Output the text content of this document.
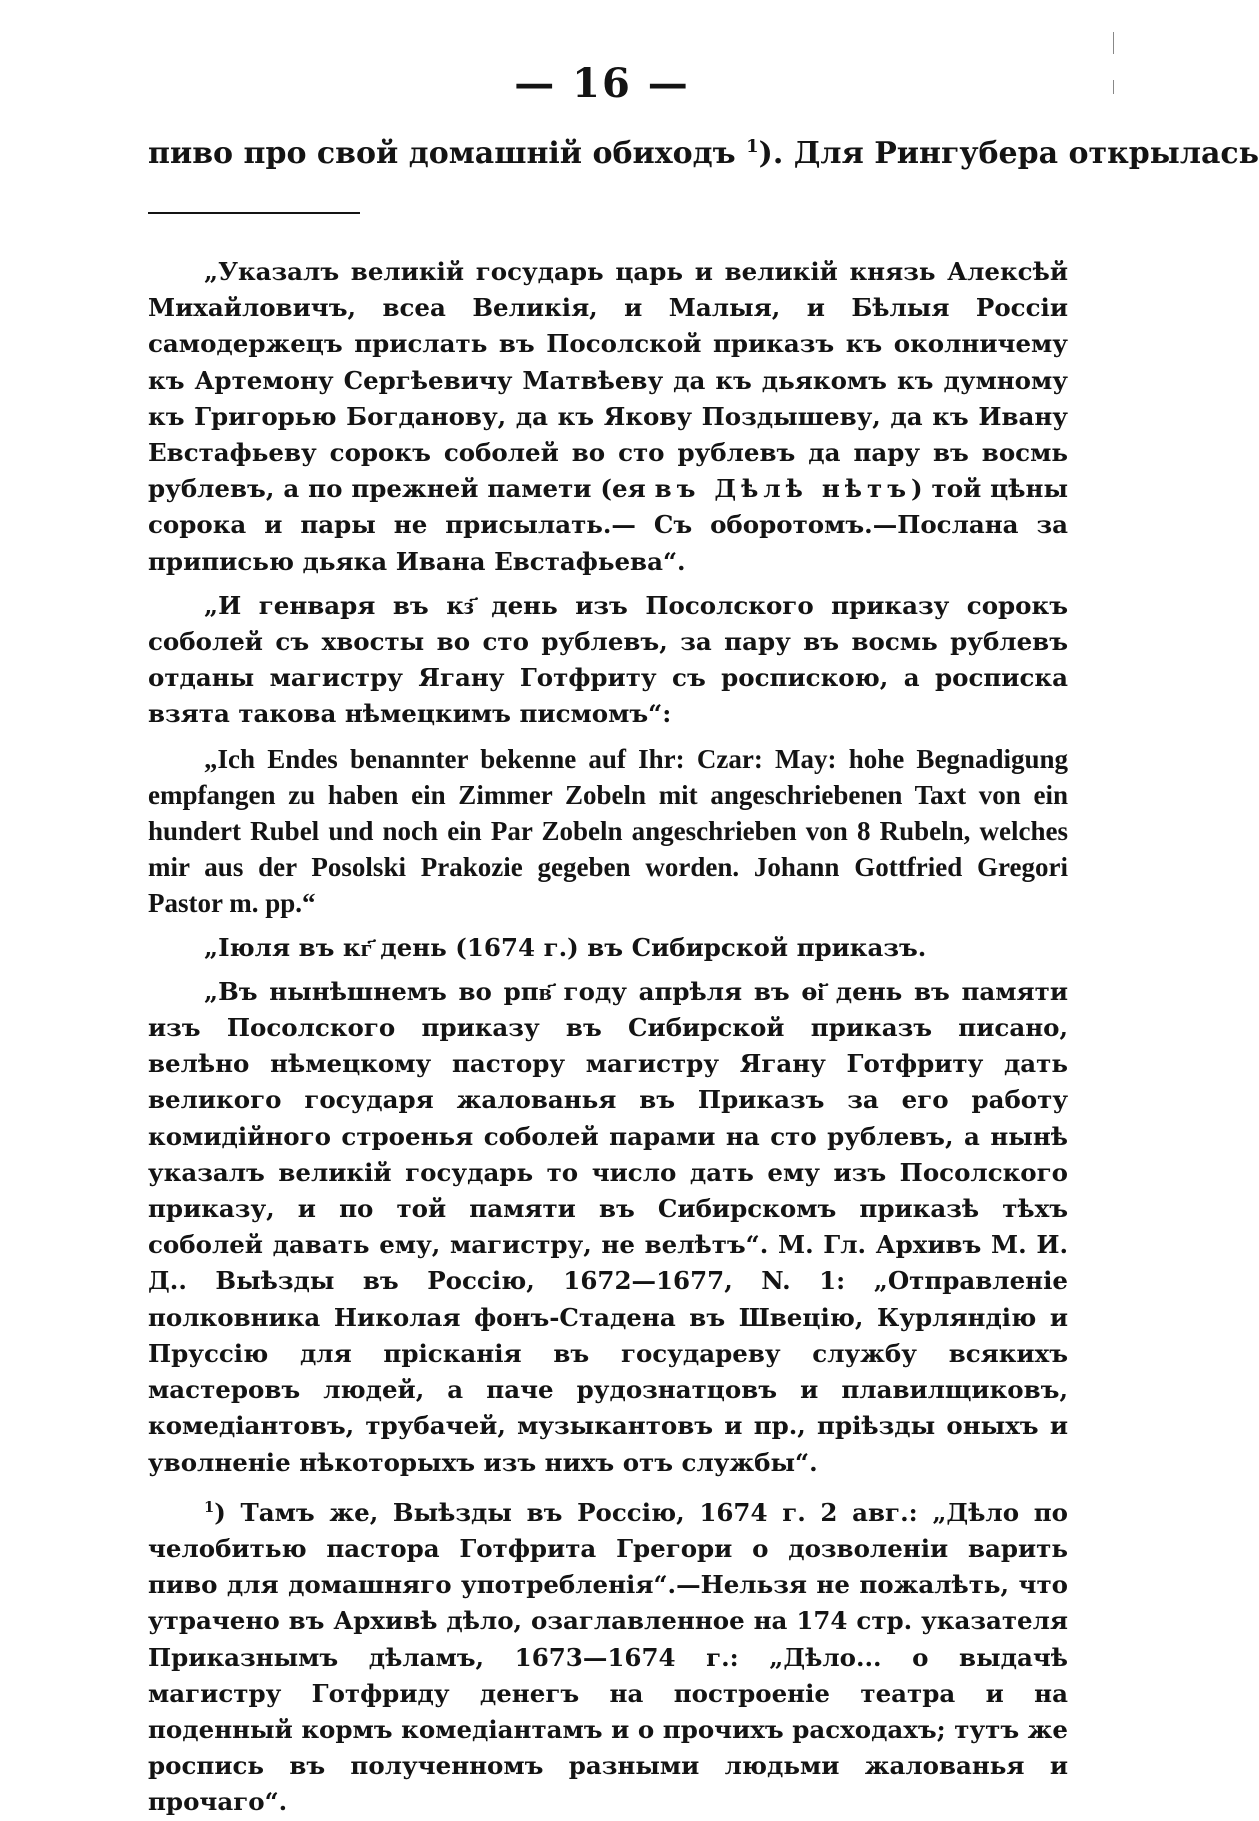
— 16 —
пиво про свой домашній обиходъ $^1$). Для Рингубера открылась

„Указалъ великій государь царь и великій князь Алексѣй Михайловичъ, всеа Великія, и Малыя, и Бѣлыя Россіи самодержецъ прислать въ Посолской приказъ къ околничему къ Артемону Сергѣевичу Матвѣеву да къ дьякомъ къ думному къ Григорью Богданову, да къ Якову Поздышеву, да къ Ивану Евстафьеву сорокъ соболей во сто рублевъ да пару въ восмь рублевъ, а по прежней памети (ея въ Дѣлѣ нѣтъ) той цѣны сорока и пары не присылать.— Съ оборотомъ.—Послана за приписью дьяка Ивана Евстафьева“.

„И генваря въ кз҃ день изъ Посолского приказу сорокъ соболей съ хвосты во сто рублевъ, за пару въ восмь рублевъ отданы магистру Ягану Готфриту съ роспискою, а росписка взята такова нѣмецкимъ писмомъ“:

„Ich Endes benannter bekenne auf Ihr: Czar: May: hohe Begnadigung empfangen zu haben ein Zimmer Zobeln mit angeschriebenen Taxt von ein hundert Rubel und noch ein Par Zobeln angeschrieben von 8 Rubeln, welches mir aus der Posolski Prakozie gegeben worden. Johann Gottfried Gregori Pastor m. pp.“

„Іюля въ кг҃ день (1674 г.) въ Сибирской приказъ.

„Въ нынѣшнемъ во рпв҃ году апрѣля въ ѳі҃ день въ памяти изъ Посолского приказу въ Сибирской приказъ писано, велѣно нѣмецкому пастору магистру Ягану Готфриту дать великого государя жалованья въ Приказъ за его работу комидійного строенья соболей парами на сто рублевъ, а нынѣ указалъ великій государь то число дать ему изъ Посолского приказу, и по той памяти въ Сибирскомъ приказѣ тѣхъ соболей давать ему, магистру, не велѣтъ“. М. Гл. Архивъ М. И. Д.. Выѣзды въ Россію, 1672—1677, N. 1: „Отправленіе полковника Николая фонъ-Стадена въ Швецію, Курляндію и Пруссію для прісканія въ государеву службу всякихъ мастеровъ людей, а паче рудознатцовъ и плавилщиковъ, комедіантовъ, трубачей, музыкантовъ и пр., прiѣзды оныхъ и уволненіе нѣкоторыхъ изъ нихъ отъ службы“.

$^1$) Тамъ же, Выѣзды въ Россію, 1674 г. 2 авг.: „Дѣло по челобитью пастора Готфрита Грегори о дозволеніи варить пиво для домашняго употребленія“.—Нельзя не пожалѣть, что утрачено въ Архивѣ дѣло, озаглавленное на 174 стр. указателя Приказнымъ дѣламъ, 1673—1674 г.: „Дѣло... о выдачѣ магистру Готфриду денегъ на построеніе театра и на поденный кормъ комедіантамъ и о прочихъ расходахъ; тутъ же роспись въ полученномъ разными людьми жалованья и прочаго“.
